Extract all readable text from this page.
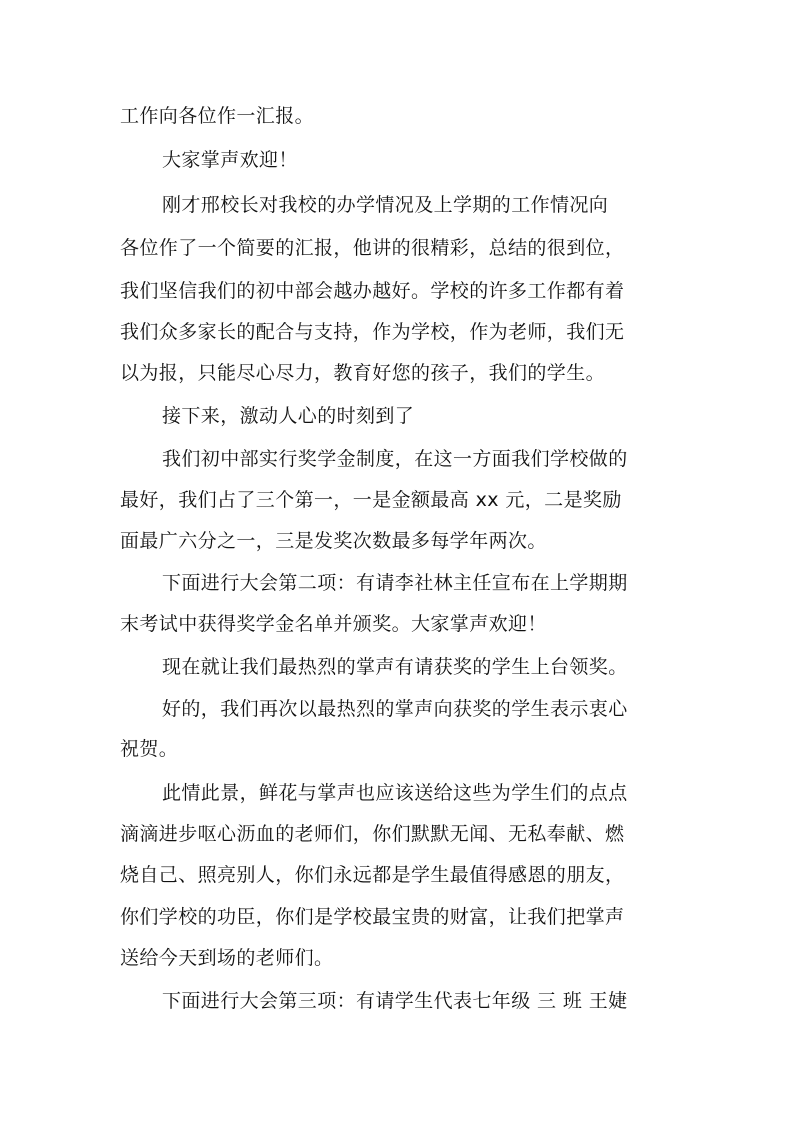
工作向各位作一汇报。
大家掌声欢迎！
刚才邢校长对我校的办学情况及上学期的工作情况向
各位作了一个简要的汇报，他讲的很精彩，总结的很到位，
我们坚信我们的初中部会越办越好。学校的许多工作都有着
我们众多家长的配合与支持，作为学校，作为老师，我们无
以为报，只能尽心尽力，教育好您的孩子，我们的学生。
接下来，激动人心的时刻到了
我们初中部实行奖学金制度，在这一方面我们学校做的
最好，我们占了三个第一，一是金额最高 xx 元，二是奖励
面最广六分之一，三是发奖次数最多每学年两次。
下面进行大会第二项：有请李社林主任宣布在上学期期
末考试中获得奖学金名单并颁奖。大家掌声欢迎！
现在就让我们最热烈的掌声有请获奖的学生上台领奖。
好的，我们再次以最热烈的掌声向获奖的学生表示衷心
祝贺。
此情此景，鲜花与掌声也应该送给这些为学生们的点点
滴滴进步呕心沥血的老师们，你们默默无闻、无私奉献、燃
烧自己、照亮别人，你们永远都是学生最值得感恩的朋友，
你们学校的功臣，你们是学校最宝贵的财富，让我们把掌声
送给今天到场的老师们。
下面进行大会第三项：有请学生代表七年级 三 班 王婕
